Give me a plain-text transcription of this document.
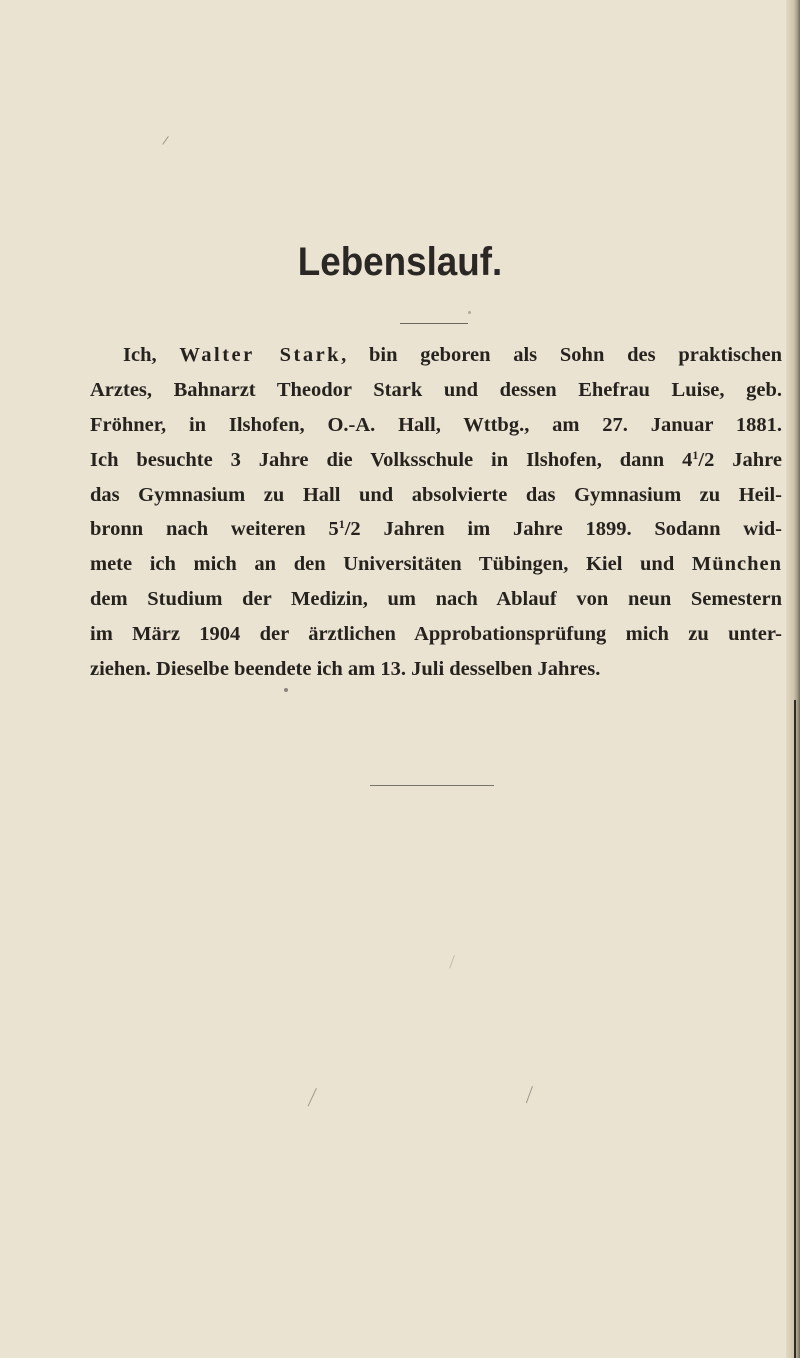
Lebenslauf.
Ich, Walter Stark, bin geboren als Sohn des praktischen
Arztes, Bahnarzt Theodor Stark und dessen Ehefrau Luise, geb.
Fröhner, in Ilshofen, O.-A. Hall, Wttbg., am 27. Januar 1881.
Ich besuchte 3 Jahre die Volksschule in Ilshofen, dann $4^1/2$ Jahre
das Gymnasium zu Hall und absolvierte das Gymnasium zu Heil-
bronn nach weiteren $5^1/2$ Jahren im Jahre 1899. Sodann wid-
mete ich mich an den Universitäten Tübingen, Kiel und München
dem Studium der Medizin, um nach Ablauf von neun Semestern
im März 1904 der ärztlichen Approbationsprüfung mich zu unter-
ziehen. Dieselbe beendete ich am 13. Juli desselben Jahres.
